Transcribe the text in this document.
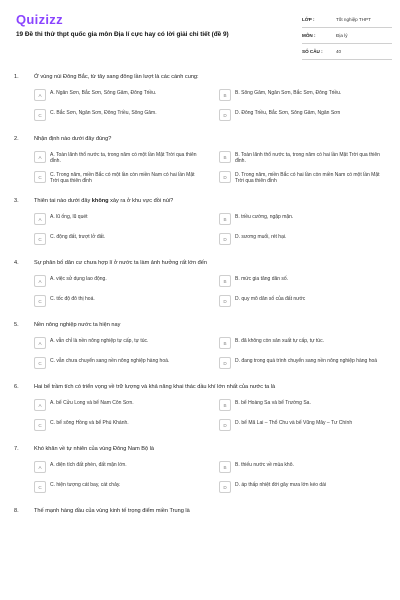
Quizizz
19 Đề thi thử thpt quốc gia môn Địa lí cực hay có lời giải chi tiết (đề 9)
LỚP :	Tốt nghiệp THPT
MÔN :	Địa lý
SỐ CÂU :	40
1.	Ở vùng núi Đông Bắc, từ tây sang đông lần lượt là các cánh cung:
A	A. Ngân Sơn, Bắc Sơn, Sông Gâm, Đông Triều.	B	B. Sông Gâm, Ngân Sơn, Bắc Sơn, Đông Triều.
C	C. Bắc Sơn, Ngân Sơn, Đông Triều, Sông Gâm.	D	D. Đông Triều, Bắc Sơn, Sông Gâm, Ngân Sơn
2.	Nhận định nào dưới đây đúng?
A	A. Toàn lãnh thổ nước ta, trong năm có một lần Mặt Trời qua thiên đỉnh.
B	B. Toàn lãnh thổ nước ta, trong năm có hai lần Mặt Trời qua thiên đỉnh.
C	C. Trong năm, miền Bắc có một lần còn miền Nam có hai lần Mặt Trời qua thiên đỉnh
D	D. Trong năm, miền Bắc có hai lần còn miền Nam có một lần Mặt Trời qua thiên đỉnh
3.	Thiên tai nào dưới đây không xảy ra ở khu vực đồi núi?
A	A. lũ ống, lũ quét	B	B. triều cường, ngập mặn.
C	C. động đất, trượt lở đất.	D	D. sương muối, rét hại.
4.	Sự phân bố dân cư chưa hợp lí ở nước ta làm ảnh hưởng rất lớn đến
A	A. việc sử dụng lao động.	B	B. mức gia tăng dân số.
C	C. tốc độ đô thị hoá.	D	D. quy mô dân số của đất nước
5.	Nền nông nghiệp nước ta hiện nay
A	A. vẫn chỉ là nền nông nghiệp tự cấp, tự túc.	B	B. đã không còn sản xuất tự cấp, tự túc.
C	C. vẫn chưa chuyển sang nền nông nghiệp hàng hoá.	D	D. đang trong quá trình chuyển sang nền nông nghiệp hàng hoá
6.	Hai bể trầm tích có triển vọng về trữ lượng và khả năng khai thác dầu khí lớn nhất của nước ta là
A	A. bể Cửu Long và bể Nam Côn Sơn.	B	B. bể Hoàng Sa và bể Trường Sa.
C	C. bể sông Hồng và bể Phú Khánh.	D	D. bể Mã Lai – Thổ Chu và bể Vũng Mây – Tư Chính
7.	Khó khăn về tự nhiên của vùng Đông Nam Bộ là
A	A. diện tích đất phèn, đất mặn lớn.	B	B. thiếu nước về mùa khô.
C	C. hiện tượng cát bay, cát chảy.	D	D. áp thấp nhiệt đới gây mưa lớn kéo dài
8.	Thế mạnh hàng đầu của vùng kinh tế trọng điểm miền Trung là
